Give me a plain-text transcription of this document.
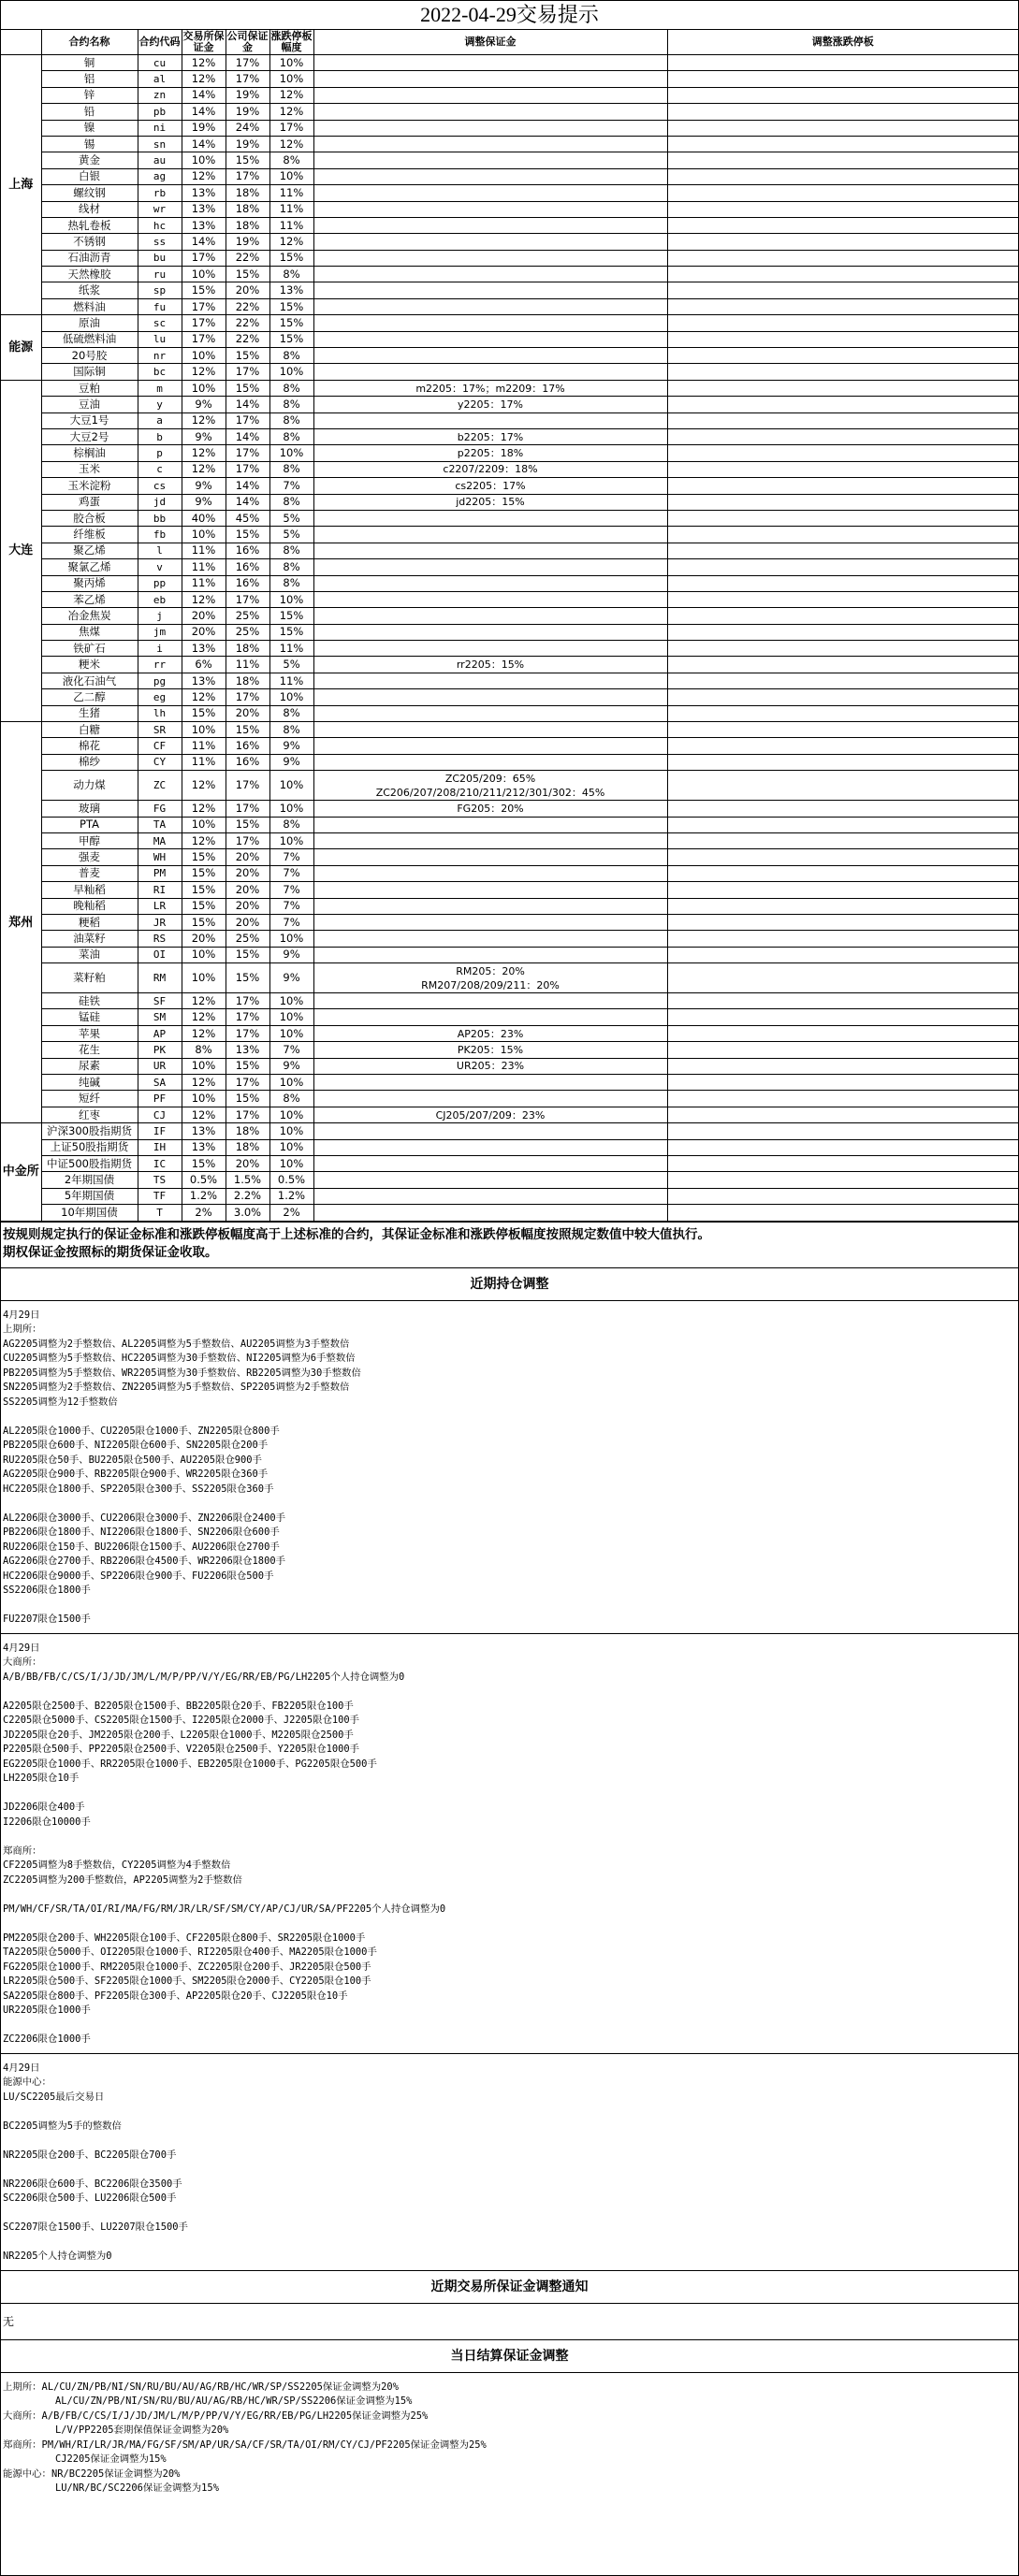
2022-04-29交易提示
	合约名称	合约代码	交易所保证金	公司保证金	涨跌停板幅度	调整保证金	调整涨跌停板
上海	铜	cu	12%	17%	10%		
	铝	al	12%	17%	10%		
	锌	zn	14%	19%	12%		
	铅	pb	14%	19%	12%		
	镍	ni	19%	24%	17%		
	锡	sn	14%	19%	12%		
	黄金	au	10%	15%	8%		
	白银	ag	12%	17%	10%		
	螺纹钢	rb	13%	18%	11%		
	线材	wr	13%	18%	11%		
	热轧卷板	hc	13%	18%	11%		
	不锈钢	ss	14%	19%	12%		
	石油沥青	bu	17%	22%	15%		
	天然橡胶	ru	10%	15%	8%		
	纸浆	sp	15%	20%	13%		
	燃料油	fu	17%	22%	15%		
能源	原油	sc	17%	22%	15%		
	低硫燃料油	lu	17%	22%	15%		
	20号胶	nr	10%	15%	8%		
	国际铜	bc	12%	17%	10%		
大连	豆粕	m	10%	15%	8%	m2205：17%；m2209：17%	
	豆油	y	9%	14%	8%	y2205：17%	
	大豆1号	a	12%	17%	8%		
	大豆2号	b	9%	14%	8%	b2205：17%	
	棕榈油	p	12%	17%	10%	p2205：18%	
	玉米	c	12%	17%	8%	c2207/2209：18%	
	玉米淀粉	cs	9%	14%	7%	cs2205：17%	
	鸡蛋	jd	9%	14%	8%	jd2205：15%	
	胶合板	bb	40%	45%	5%		
	纤维板	fb	10%	15%	5%		
	聚乙烯	l	11%	16%	8%		
	聚氯乙烯	v	11%	16%	8%		
	聚丙烯	pp	11%	16%	8%		
	苯乙烯	eb	12%	17%	10%		
	冶金焦炭	j	20%	25%	15%		
	焦煤	jm	20%	25%	15%		
	铁矿石	i	13%	18%	11%		
	粳米	rr	6%	11%	5%	rr2205：15%	
	液化石油气	pg	13%	18%	11%		
	乙二醇	eg	12%	17%	10%		
	生猪	lh	15%	20%	8%		
郑州	白糖	SR	10%	15%	8%		
	棉花	CF	11%	16%	9%		
	棉纱	CY	11%	16%	9%		
	动力煤	ZC	12%	17%	10%	ZC205/209：65%
ZC206/207/208/210/211/212/301/302：45%	

	玻璃	FG	12%	17%	10%	FG205：20%	
	PTA	TA	10%	15%	8%		
	甲醇	MA	12%	17%	10%		
	强麦	WH	15%	20%	7%		
	普麦	PM	15%	20%	7%		
	早籼稻	RI	15%	20%	7%		
	晚籼稻	LR	15%	20%	7%		
	粳稻	JR	15%	20%	7%		
	油菜籽	RS	20%	25%	10%		
	菜油	OI	10%	15%	9%		
	菜籽粕	RM	10%	15%	9%	RM205：20%
RM207/208/209/211：20%	

	硅铁	SF	12%	17%	10%		
	锰硅	SM	12%	17%	10%		
	苹果	AP	12%	17%	10%	AP205：23%	
	花生	PK	8%	13%	7%	PK205：15%	
	尿素	UR	10%	15%	9%	UR205：23%	
	纯碱	SA	12%	17%	10%		
	短纤	PF	10%	15%	8%		
	红枣	CJ	12%	17%	10%	CJ205/207/209：23%	
中金所	沪深300股指期货	IF	13%	18%	10%		
	上证50股指期货	IH	13%	18%	10%		
	中证500股指期货	IC	15%	20%	10%		
	2年期国债	TS	0.5%	1.5%	0.5%		
	5年期国债	TF	1.2%	2.2%	1.2%		
	10年期国债	T	2%	3.0%	2%		
按规则规定执行的保证金标准和涨跌停板幅度高于上述标准的合约，其保证金标准和涨跌停板幅度按照规定数值中较大值执行。
期权保证金按照标的期货保证金收取。
近期持仓调整
4月29日
上期所：
AG2205调整为2手整数倍、AL2205调整为5手整数倍、AU2205调整为3手整数倍
CU2205调整为5手整数倍、HC2205调整为30手整数倍、NI2205调整为6手整数倍
PB2205调整为5手整数倍、WR2205调整为30手整数倍、RB2205调整为30手整数倍
SN2205调整为2手整数倍、ZN2205调整为5手整数倍、SP2205调整为2手整数倍
SS2205调整为12手整数倍

AL2205限仓1000手、CU2205限仓1000手、ZN2205限仓800手
PB2205限仓600手、NI2205限仓600手、SN2205限仓200手
RU2205限仓50手、BU2205限仓500手、AU2205限仓900手
AG2205限仓900手、RB2205限仓900手、WR2205限仓360手
HC2205限仓1800手、SP2205限仓300手、SS2205限仓360手

AL2206限仓3000手、CU2206限仓3000手、ZN2206限仓2400手
PB2206限仓1800手、NI2206限仓1800手、SN2206限仓600手
RU2206限仓150手、BU2206限仓1500手、AU2206限仓2700手
AG2206限仓2700手、RB2206限仓4500手、WR2206限仓1800手
HC2206限仓9000手、SP2206限仓900手、FU2206限仓500手
SS2206限仓1800手

FU2207限仓1500手
4月29日
大商所：
A/B/BB/FB/C/CS/I/J/JD/JM/L/M/P/PP/V/Y/EG/RR/EB/PG/LH2205个人持仓调整为0

A2205限仓2500手、B2205限仓1500手、BB2205限仓20手、FB2205限仓100手
C2205限仓5000手、CS2205限仓1500手、I2205限仓2000手、J2205限仓100手
JD2205限仓20手、JM2205限仓200手、L2205限仓1000手、M2205限仓2500手
P2205限仓500手、PP2205限仓2500手、V2205限仓2500手、Y2205限仓1000手
EG2205限仓1000手、RR2205限仓1000手、EB2205限仓1000手、PG2205限仓500手
LH2205限仓10手

JD2206限仓400手
I2206限仓10000手

郑商所：
CF2205调整为8手整数倍，CY2205调整为4手整数倍
ZC2205调整为200手整数倍，AP2205调整为2手整数倍

PM/WH/CF/SR/TA/OI/RI/MA/FG/RM/JR/LR/SF/SM/CY/AP/CJ/UR/SA/PF2205个人持仓调整为0

PM2205限仓200手、WH2205限仓100手、CF2205限仓800手、SR2205限仓1000手
TA2205限仓5000手、OI2205限仓1000手、RI2205限仓400手、MA2205限仓1000手
FG2205限仓1000手、RM2205限仓1000手、ZC2205限仓200手、JR2205限仓500手
LR2205限仓500手、SF2205限仓1000手、SM2205限仓2000手、CY2205限仓100手
SA2205限仓800手、PF2205限仓300手、AP2205限仓20手、CJ2205限仓10手
UR2205限仓1000手

ZC2206限仓1000手
4月29日
能源中心：
LU/SC2205最后交易日

BC2205调整为5手的整数倍

NR2205限仓200手、BC2205限仓700手

NR2206限仓600手、BC2206限仓3500手
SC2206限仓500手、LU2206限仓500手

SC2207限仓1500手、LU2207限仓1500手

NR2205个人持仓调整为0
近期交易所保证金调整通知
无
当日结算保证金调整
上期所：AL/CU/ZN/PB/NI/SN/RU/BU/AU/AG/RB/HC/WR/SP/SS2205保证金调整为20%
AL/CU/ZN/PB/NI/SN/RU/BU/AU/AG/RB/HC/WR/SP/SS2206保证金调整为15%
大商所：A/B/FB/C/CS/I/J/JD/JM/L/M/P/PP/V/Y/EG/RR/EB/PG/LH2205保证金调整为25%
L/V/PP2205套期保值保证金调整为20%
郑商所：PM/WH/RI/LR/JR/MA/FG/SF/SM/AP/UR/SA/CF/SR/TA/OI/RM/CY/CJ/PF2205保证金调整为25%
CJ2205保证金调整为15%
能源中心：NR/BC2205保证金调整为20%
LU/NR/BC/SC2206保证金调整为15%
